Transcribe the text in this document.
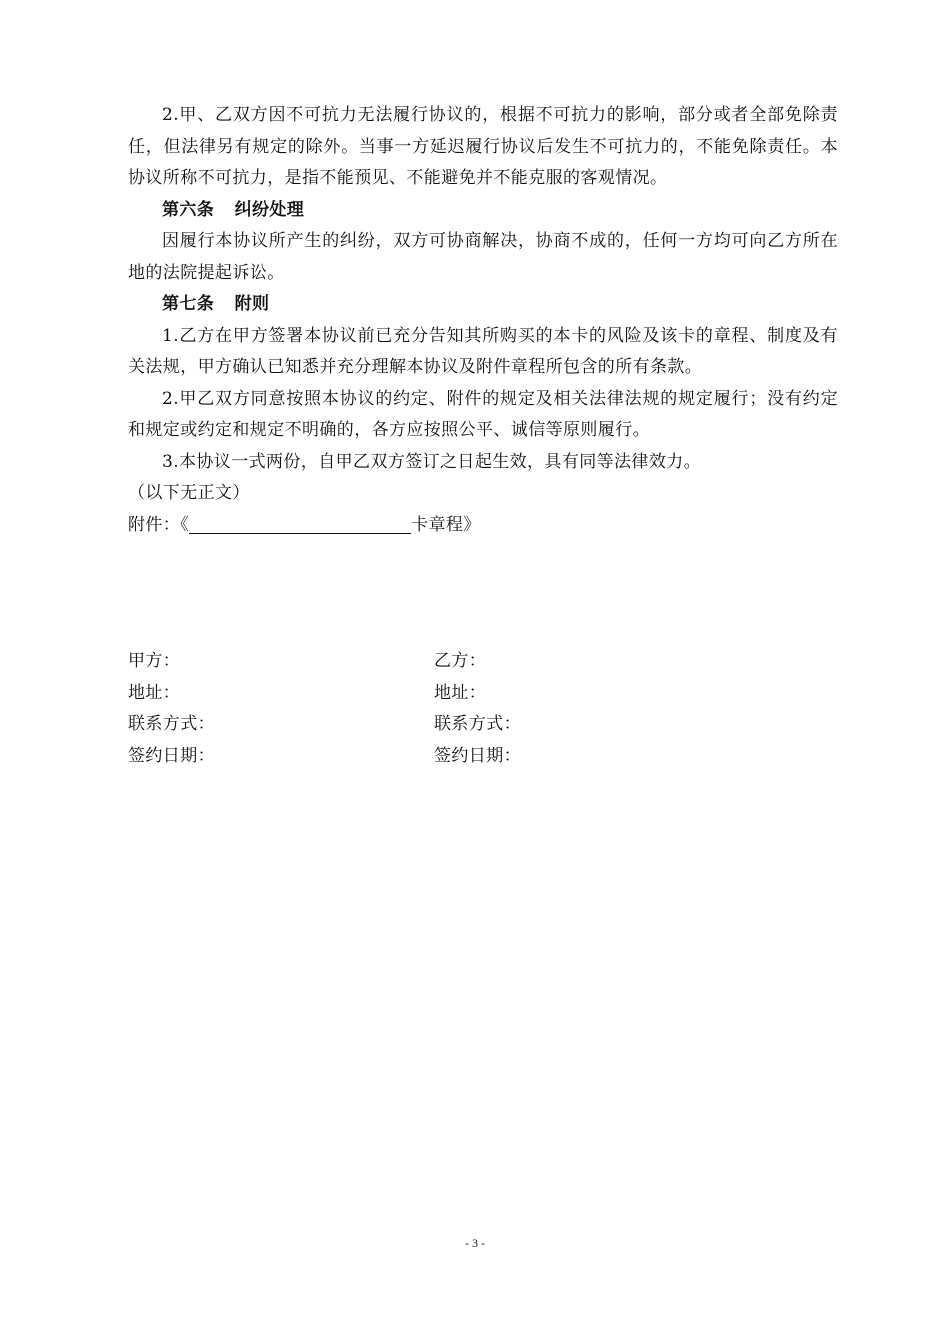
2.甲、乙双方因不可抗力无法履行协议的，根据不可抗力的影响，部分或者全部免除责任，但法律另有规定的除外。当事一方延迟履行协议后发生不可抗力的，不能免除责任。本协议所称不可抗力，是指不能预见、不能避免并不能克服的客观情况。

第六条 纠纷处理

因履行本协议所产生的纠纷，双方可协商解决，协商不成的，任何一方均可向乙方所在地的法院提起诉讼。

第七条 附则

1.乙方在甲方签署本协议前已充分告知其所购买的本卡的风险及该卡的章程、制度及有关法规，甲方确认已知悉并充分理解本协议及附件章程所包含的所有条款。

2.甲乙双方同意按照本协议的约定、附件的规定及相关法律法规的规定履行；没有约定和规定或约定和规定不明确的，各方应按照公平、诚信等原则履行。

3.本协议一式两份，自甲乙双方签订之日起生效，具有同等法律效力。

（以下无正文）

附件：《	卡章程》

甲方：	乙方：
地址：	地址：
联系方式：	联系方式：
签约日期：	签约日期：
- 3 -
